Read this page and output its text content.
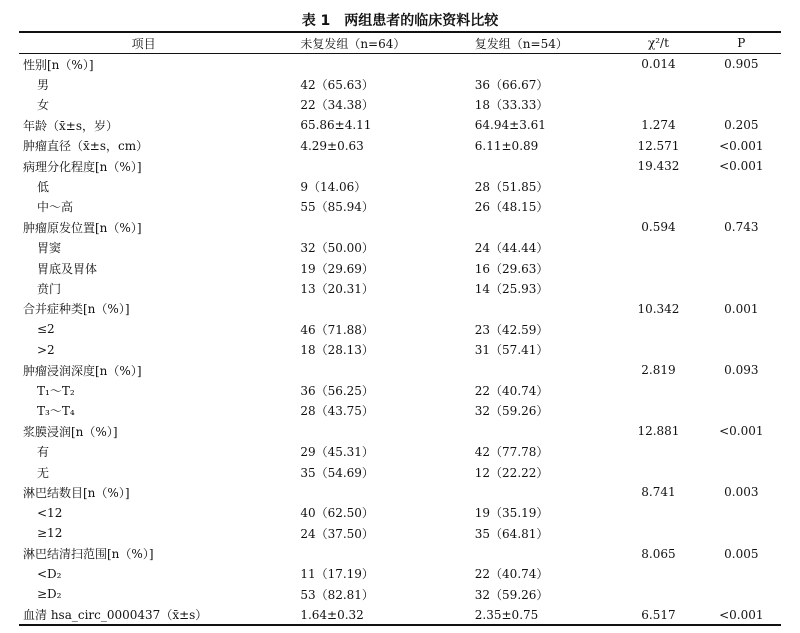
表 1　两组患者的临床资料比较
项目	未复发组（n=64）	复发组（n=54）	χ²/t	P
性别[n（%）]			0.014	0.905
男	42（65.63）	36（66.67）		
女	22（34.38）	18（33.33）		
年龄（x̄±s，岁）	65.86±4.11	64.94±3.61	1.274	0.205
肿瘤直径（x̄±s，cm）	4.29±0.63	6.11±0.89	12.571	<0.001
病理分化程度[n（%）]			19.432	<0.001
低	9（14.06）	28（51.85）		
中～高	55（85.94）	26（48.15）		
肿瘤原发位置[n（%）]			0.594	0.743
胃窦	32（50.00）	24（44.44）		
胃底及胃体	19（29.69）	16（29.63）		
贲门	13（20.31）	14（25.93）		
合并症种类[n（%）]			10.342	0.001
≤2	46（71.88）	23（42.59）		
>2	18（28.13）	31（57.41）		
肿瘤浸润深度[n（%）]			2.819	0.093
T₁～T₂	36（56.25）	22（40.74）		
T₃～T₄	28（43.75）	32（59.26）		
浆膜浸润[n（%）]			12.881	<0.001
有	29（45.31）	42（77.78）		
无	35（54.69）	12（22.22）		
淋巴结数目[n（%）]			8.741	0.003
<12	40（62.50）	19（35.19）		
≥12	24（37.50）	35（64.81）		
淋巴结清扫范围[n（%）]			8.065	0.005
<D₂	11（17.19）	22（40.74）		
≥D₂	53（82.81）	32（59.26）		
血清 hsa_circ_0000437（x̄±s）	1.64±0.32	2.35±0.75	6.517	<0.001
